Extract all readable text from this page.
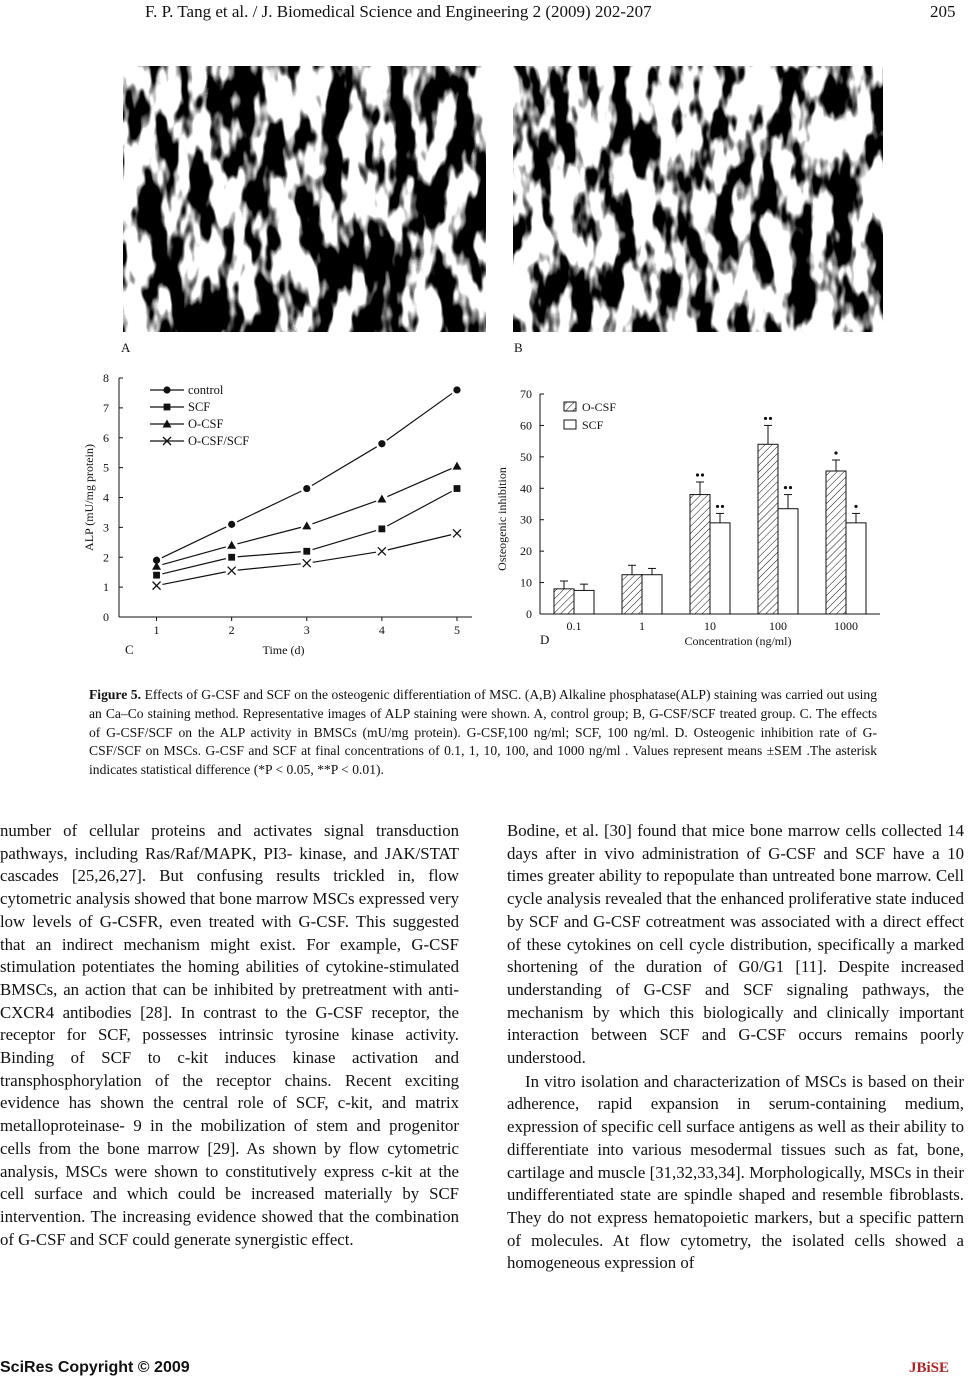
F. P. Tang et al. / J. Biomedical Science and Engineering 2 (2009) 202-207	205
A	B
0
1
2
3
4
5
6
7
8
1	2	3	4	5
Time (d)
ALP (mU/mg protein)
C
control
SCF
O-CSF
O-CSF/SCF
0
10
20
30
40
50
60
70
Osteogenic inhibition
D	Concentration (ng/ml)
0.1	1	10	100	1000
O-CSF
SCF
Figure 5. Effects of G-CSF and SCF on the osteogenic differentiation of MSC. (A,B) Alkaline phosphatase(ALP) staining was carried out using an Ca–Co staining method. Representative images of ALP staining were shown. A, control group; B, G-CSF/SCF treated group. C. The effects of G-CSF/SCF on the ALP activity in BMSCs (mU/mg protein). G-CSF,100 ng/ml; SCF, 100 ng/ml. D. Osteogenic inhibition rate of G-CSF/SCF on MSCs. G-CSF and SCF at final concentrations of 0.1, 1, 10, 100, and 1000 ng/ml . Values represent means ±SEM .The asterisk indicates statistical difference (*P < 0.05, **P < 0.01).

number of cellular proteins and activates signal transduction pathways, including Ras/Raf/MAPK, PI3- kinase, and JAK/STAT cascades [25,26,27]. But confusing results trickled in, flow cytometric analysis showed that bone marrow MSCs expressed very low levels of G-CSFR, even treated with G-CSF. This suggested that an indirect mechanism might exist. For example, G-CSF stimulation potentiates the homing abilities of cytokine-stimulated BMSCs, an action that can be inhibited by pretreatment with anti-CXCR4 antibodies [28]. In contrast to the G-CSF receptor, the receptor for SCF, possesses intrinsic tyrosine kinase activity. Binding of SCF to c-kit induces kinase activation and transphosphorylation of the receptor chains. Recent exciting evidence has shown the central role of SCF, c-kit, and matrix metalloproteinase- 9 in the mobilization of stem and progenitor cells from the bone marrow [29]. As shown by flow cytometric analysis, MSCs were shown to constitutively express c-kit at the cell surface and which could be increased materially by SCF intervention. The increasing evidence showed that the combination of G-CSF and SCF could generate synergistic effect.

Bodine, et al. [30] found that mice bone marrow cells collected 14 days after in vivo administration of G-CSF and SCF have a 10 times greater ability to repopulate than untreated bone marrow. Cell cycle analysis revealed that the enhanced proliferative state induced by SCF and G-CSF cotreatment was associated with a direct effect of these cytokines on cell cycle distribution, specifically a marked shortening of the duration of G0/G1 [11]. Despite increased understanding of G-CSF and SCF signaling pathways, the mechanism by which this biologically and clinically important interaction between SCF and G-CSF occurs remains poorly understood.

In vitro isolation and characterization of MSCs is based on their adherence, rapid expansion in serum-containing medium, expression of specific cell surface antigens as well as their ability to differentiate into various mesodermal tissues such as fat, bone, cartilage and muscle [31,32,33,34]. Morphologically, MSCs in their undifferentiated state are spindle shaped and resemble fibroblasts. They do not express hematopoietic markers, but a specific pattern of molecules. At flow cytometry, the isolated cells showed a homogeneous expression of

SciRes Copyright © 2009	JBiSE
